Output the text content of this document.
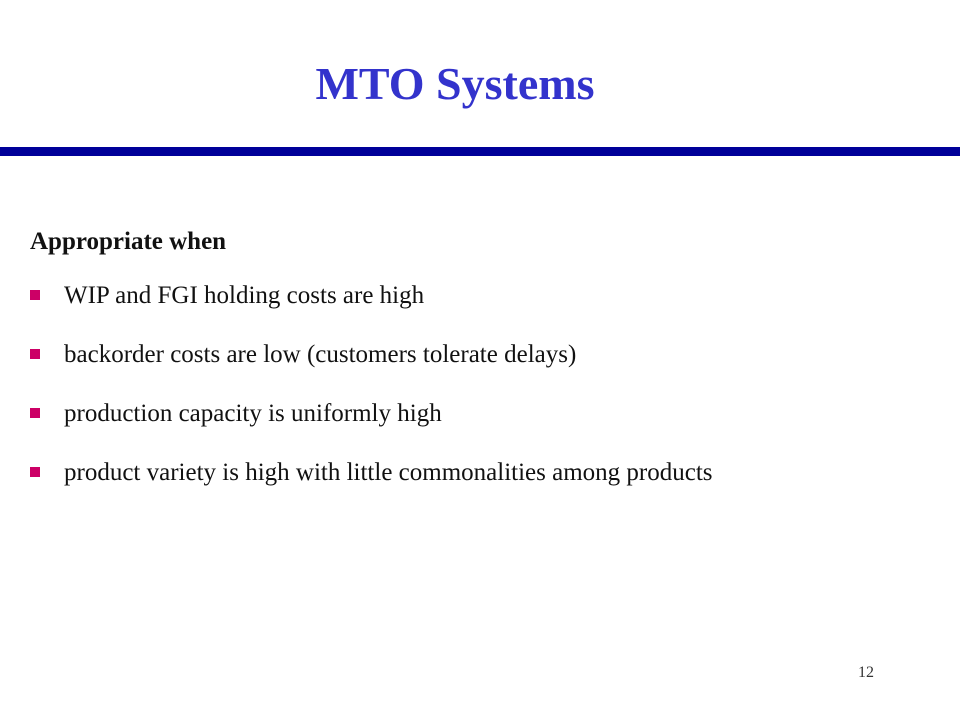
MTO Systems
Appropriate when
WIP and FGI holding costs are high
backorder costs are low (customers tolerate delays)
production capacity is uniformly high
product variety is high with little commonalities among products
12
